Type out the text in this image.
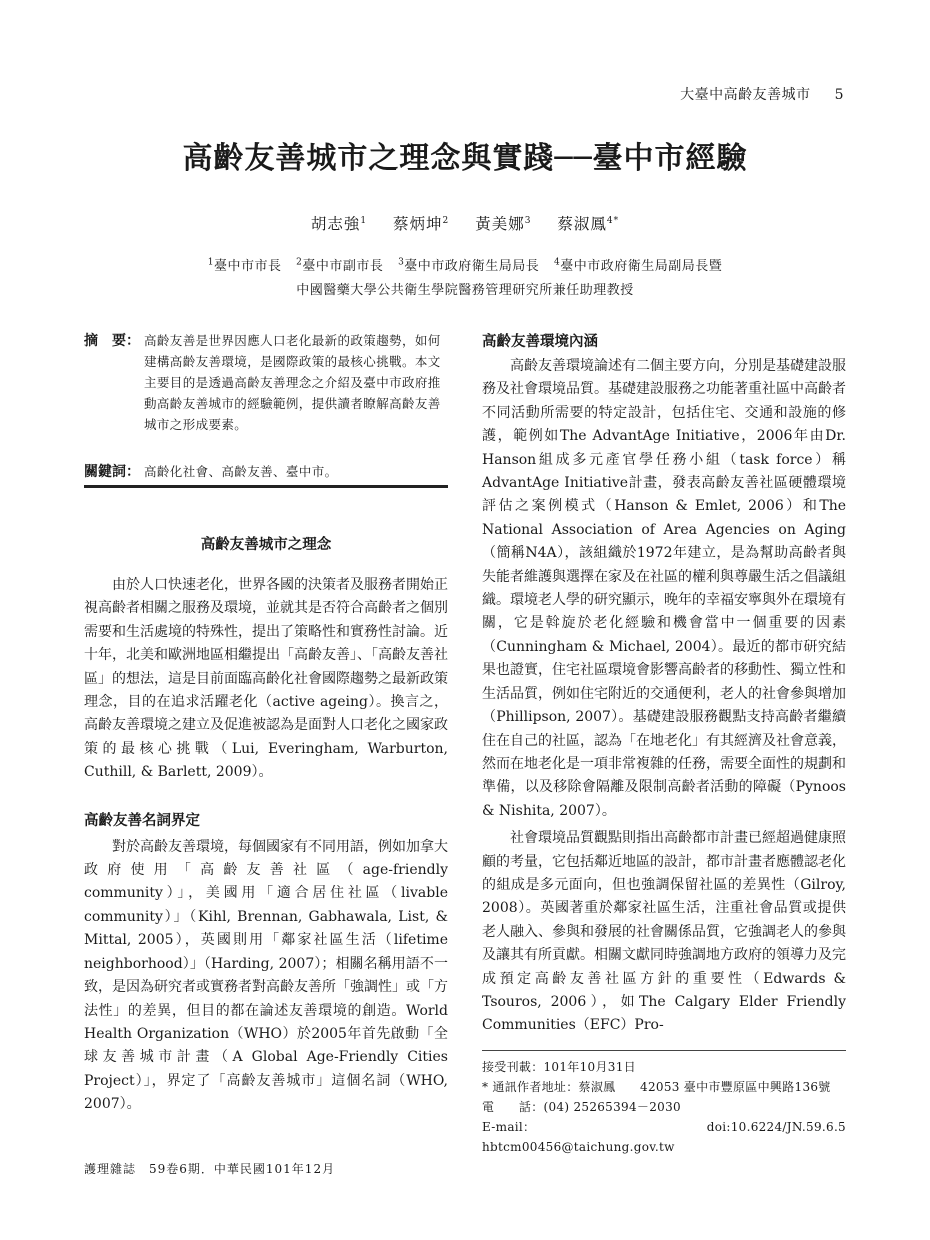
大臺中高齡友善城市 5
高齡友善城市之理念與實踐──臺中市經驗
胡志強$^1$ 蔡炳坤$^2$ 黃美娜$^3$ 蔡淑鳳$^{4*}$
$^1$臺中市市長 $^2$臺中市副市長 $^3$臺中市政府衛生局局長 $^4$臺中市政府衛生局副局長暨
中國醫藥大學公共衛生學院醫務管理研究所兼任助理教授
摘　要： 高齡友善是世界因應人口老化最新的政策趨勢，如何建構高齡友善環境，是國際政策的最核心挑戰。本文主要目的是透過高齡友善理念之介紹及臺中市政府推動高齡友善城市的經驗範例，提供讀者瞭解高齡友善城市之形成要素。
關鍵詞： 高齡化社會、高齡友善、臺中市。
高齡友善城市之理念

由於人口快速老化，世界各國的決策者及服務者開始正視高齡者相關之服務及環境，並就其是否符合高齡者之個別需要和生活處境的特殊性，提出了策略性和實務性討論。近十年，北美和歐洲地區相繼提出「高齡友善」、「高齡友善社區」的想法，這是目前面臨高齡化社會國際趨勢之最新政策理念，目的在追求活躍老化（active ageing）。換言之，高齡友善環境之建立及促進被認為是面對人口老化之國家政策的最核心挑戰（Lui, Everingham, Warburton, Cuthill, & Barlett, 2009）。

高齡友善名詞界定

對於高齡友善環境，每個國家有不同用語，例如加拿大政府使用「高齡友善社區（age-friendly community）」，美國用「適合居住社區（livable community）」（Kihl, Brennan, Gabhawala, List, & Mittal, 2005），英國則用「鄰家社區生活（lifetime neighborhood）」（Harding, 2007）；相關名稱用語不一致，是因為研究者或實務者對高齡友善所「強調性」或「方法性」的差異，但目的都在論述友善環境的創造。World Health Organization（WHO）於2005年首先啟動「全球友善城市計畫（A Global Age-Friendly Cities Project）」，界定了「高齡友善城市」這個名詞（WHO, 2007）。

高齡友善環境內涵

高齡友善環境論述有二個主要方向，分別是基礎建設服務及社會環境品質。基礎建設服務之功能著重社區中高齡者不同活動所需要的特定設計，包括住宅、交通和設施的修護，範例如The AdvantAge Initiative，2006年由Dr. Hanson組成多元產官學任務小組（task force）稱AdvantAge Initiative計畫，發表高齡友善社區硬體環境評估之案例模式（Hanson & Emlet, 2006）和The National Association of Area Agencies on Aging（簡稱N4A），該組織於1972年建立，是為幫助高齡者與失能者維護與選擇在家及在社區的權利與尊嚴生活之倡議組織。環境老人學的研究顯示，晚年的幸福安寧與外在環境有關，它是斡旋於老化經驗和機會當中一個重要的因素（Cunningham & Michael, 2004）。最近的都市研究結果也證實，住宅社區環境會影響高齡者的移動性、獨立性和生活品質，例如住宅附近的交通便利，老人的社會參與增加（Phillipson, 2007）。基礎建設服務觀點支持高齡者繼續住在自己的社區，認為「在地老化」有其經濟及社會意義，然而在地老化是一項非常複雜的任務，需要全面性的規劃和準備，以及移除會隔離及限制高齡者活動的障礙（Pynoos & Nishita, 2007）。

社會環境品質觀點則指出高齡都市計畫已經超過健康照顧的考量，它包括鄰近地區的設計，都市計畫者應體認老化的組成是多元面向，但也強調保留社區的差異性（Gilroy, 2008）。英國著重於鄰家社區生活，注重社會品質或提供老人融入、參與和發展的社會關係品質，它強調老人的參與及讓其有所貢獻。相關文獻同時強調地方政府的領導力及完成預定高齡友善社區方針的重要性（Edwards & Tsouros, 2006），如The Calgary Elder Friendly Communities（EFC）Pro-

接受刊載：101年10月31日
* 通訊作者地址：蔡淑鳳　　42053 臺中市豐原區中興路136號
電　　話：(04) 25265394－2030
E-mail：hbtcm00456@taichung.gov.tw
doi:10.6224/JN.59.6.5
護理雜誌　59卷6期．中華民國101年12月
